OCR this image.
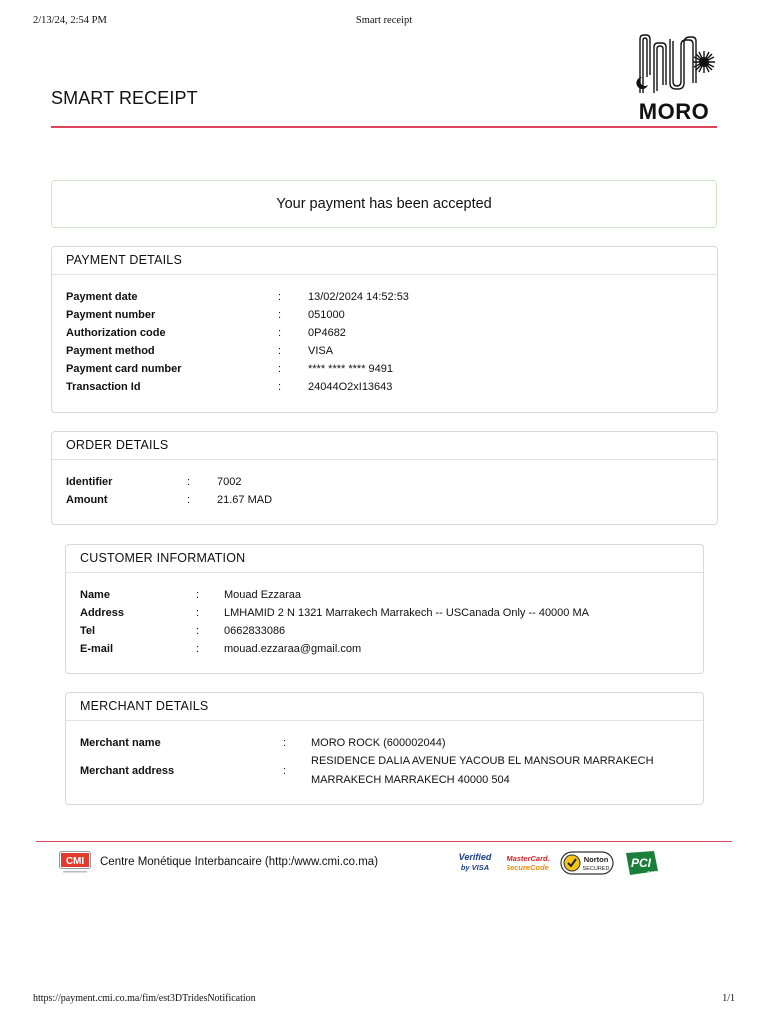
2/13/24, 2:54 PM	Smart receipt
SMART RECEIPT
MORO
Your payment has been accepted
PAYMENT DETAILS
Payment date	: 13/02/2024 14:52:53
Payment number	: 051000
Authorization code	: 0P4682
Payment method	: VISA
Payment card number	: **** **** **** 9491
Transaction Id	: 24044O2xI13643
ORDER DETAILS
Identifier	: 7002
Amount	: 21.67 MAD
CUSTOMER INFORMATION
Name	: Mouad Ezzaraa
Address	: LMHAMID 2 N 1321 Marrakech Marrakech -- USCanada Only -- 40000 MA
Tel	: 0662833086
E-mail	: mouad.ezzaraa@gmail.com
MERCHANT DETAILS
Merchant name	: MORO ROCK (600002044)
Merchant address	:
RESIDENCE DALIA AVENUE YACOUB EL MANSOUR MARRAKECH
MARRAKECH MARRAKECH 40000 504
CMI Centre Monétique Interbancaire (http:/www.cmi.co.ma)	Verified
by VISA
MasterCard.
SecureCode.
Norton
SECURED PCI
DSS
https://payment.cmi.co.ma/fim/est3DTridesNotification	1/1
